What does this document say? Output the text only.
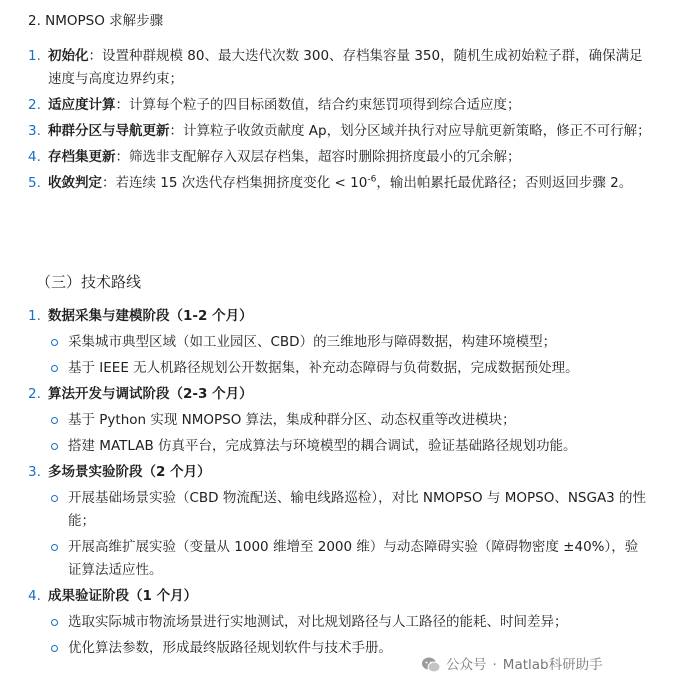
2. NMOPSO 求解步骤
1. 初始化：设置种群规模 80、最大迭代次数 300、存档集容量 350，随机生成初始粒子群，确保满足速度与高度边界约束；
2. 适应度计算：计算每个粒子的四目标函数值，结合约束惩罚项得到综合适应度；
3. 种群分区与导航更新：计算粒子收敛贡献度 Ap，划分区域并执行对应导航更新策略，修正不可行解；
4. 存档集更新：筛选非支配解存入双层存档集，超容时删除拥挤度最小的冗余解；
5. 收敛判定：若连续 15 次迭代存档集拥挤度变化 < $10^{-6}$，输出帕累托最优路径；否则返回步骤 2。
（三）技术路线
1. 数据采集与建模阶段（1-2 个月）
采集城市典型区域（如工业园区、CBD）的三维地形与障碍数据，构建环境模型；
基于 IEEE 无人机路径规划公开数据集，补充动态障碍与负荷数据，完成数据预处理。
2. 算法开发与调试阶段（2-3 个月）
基于 Python 实现 NMOPSO 算法，集成种群分区、动态权重等改进模块；
搭建 MATLAB 仿真平台，完成算法与环境模型的耦合调试，验证基础路径规划功能。
3. 多场景实验阶段（2 个月）
开展基础场景实验（CBD 物流配送、输电线路巡检），对比 NMOPSO 与 MOPSO、NSGA3 的性能；
开展高维扩展实验（变量从 1000 维增至 2000 维）与动态障碍实验（障碍物密度 ±40%），验证算法适应性。
4. 成果验证阶段（1 个月）
选取实际城市物流场景进行实地测试，对比规划路径与人工路径的能耗、时间差异；
优化算法参数，形成最终版路径规划软件与技术手册。
公众号 · Matlab科研助手
